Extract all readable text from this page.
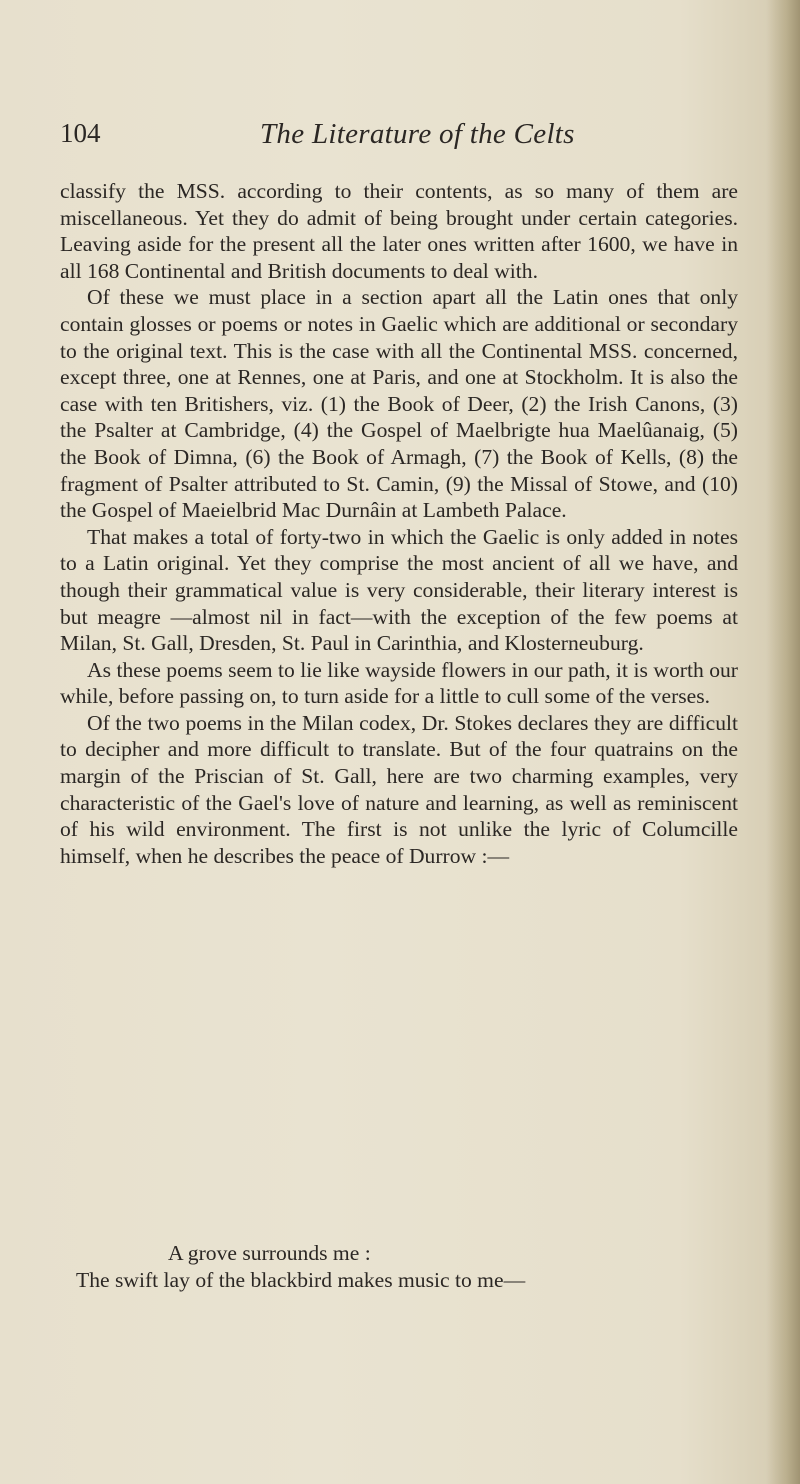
104	The Literature of the Celts

classify the MSS. according to their contents, as so many of them are miscellaneous. Yet they do admit of being brought under certain categories. Leaving aside for the present all the later ones written after 1600, we have in all 168 Continental and British documents to deal with.

Of these we must place in a section apart all the Latin ones that only contain glosses or poems or notes in Gaelic which are additional or secondary to the original text. This is the case with all the Continental MSS. concerned, except three, one at Rennes, one at Paris, and one at Stockholm. It is also the case with ten Britishers, viz. (1) the Book of Deer, (2) the Irish Canons, (3) the Psalter at Cambridge, (4) the Gospel of Maelbrigte hua Maelûanaig, (5) the Book of Dimna, (6) the Book of Armagh, (7) the Book of Kells, (8) the fragment of Psalter attributed to St. Camin, (9) the Missal of Stowe, and (10) the Gospel of Maeielbrid Mac Durnâin at Lambeth Palace.

That makes a total of forty-two in which the Gaelic is only added in notes to a Latin original. Yet they comprise the most ancient of all we have, and though their grammatical value is very considerable, their literary interest is but meagre —almost nil in fact—with the exception of the few poems at Milan, St. Gall, Dresden, St. Paul in Carinthia, and Klosterneuburg.

As these poems seem to lie like wayside flowers in our path, it is worth our while, before passing on, to turn aside for a little to cull some of the verses.

Of the two poems in the Milan codex, Dr. Stokes declares they are difficult to decipher and more difficult to translate. But of the four quatrains on the margin of the Priscian of St. Gall, here are two charming examples, very characteristic of the Gael's love of nature and learning, as well as reminiscent of his wild environment. The first is not unlike the lyric of Columcille himself, when he describes the peace of Durrow :—

A grove surrounds me :
The swift lay of the blackbird makes music to me—
